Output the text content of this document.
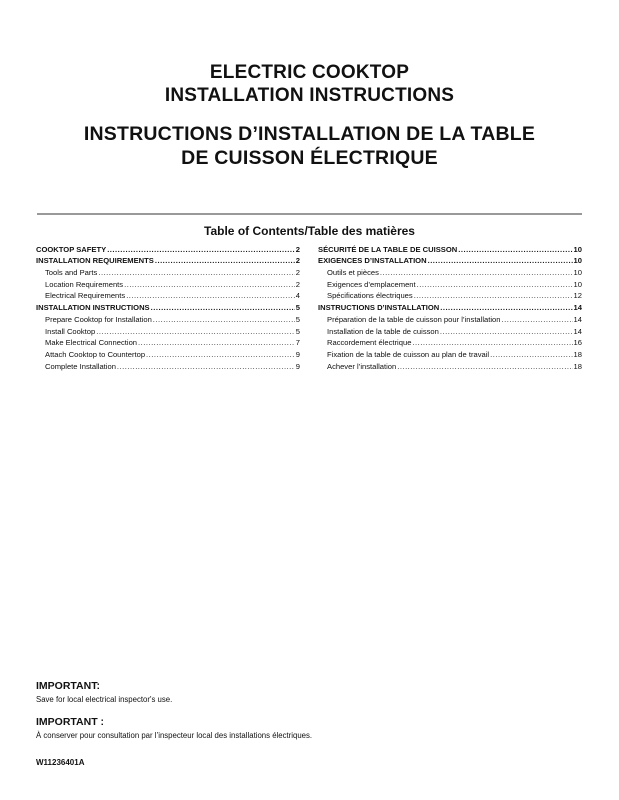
ELECTRIC COOKTOP
INSTALLATION INSTRUCTIONS
INSTRUCTIONS D’INSTALLATION DE LA TABLE
DE CUISSON ÉLECTRIQUE
Table of Contents/Table des matières
COOKTOP SAFETY .....	2
INSTALLATION REQUIREMENTS .....	2
Tools and Parts .....	2
Location Requirements .....	2
Electrical Requirements .....	4
INSTALLATION INSTRUCTIONS .....	5
Prepare Cooktop for Installation .....	5
Install Cooktop .....	5
Make Electrical Connection .....	7
Attach Cooktop to Countertop .....	9
Complete Installation .....	9
SÉCURITÉ DE LA TABLE DE CUISSON .....	10
EXIGENCES D’INSTALLATION .....	10
Outils et pièces .....	10
Exigences d’emplacement .....	10
Spécifications électriques .....	12
INSTRUCTIONS D’INSTALLATION .....	14
Préparation de la table de cuisson pour l’installation .....	14
Installation de la table de cuisson .....	14
Raccordement électrique .....	16
Fixation de la table de cuisson au plan de travail .....	18
Achever l’installation .....	18
IMPORTANT:
Save for local electrical inspector's use.
IMPORTANT :
À conserver pour consultation par l’inspecteur local des installations électriques.
W11236401A
